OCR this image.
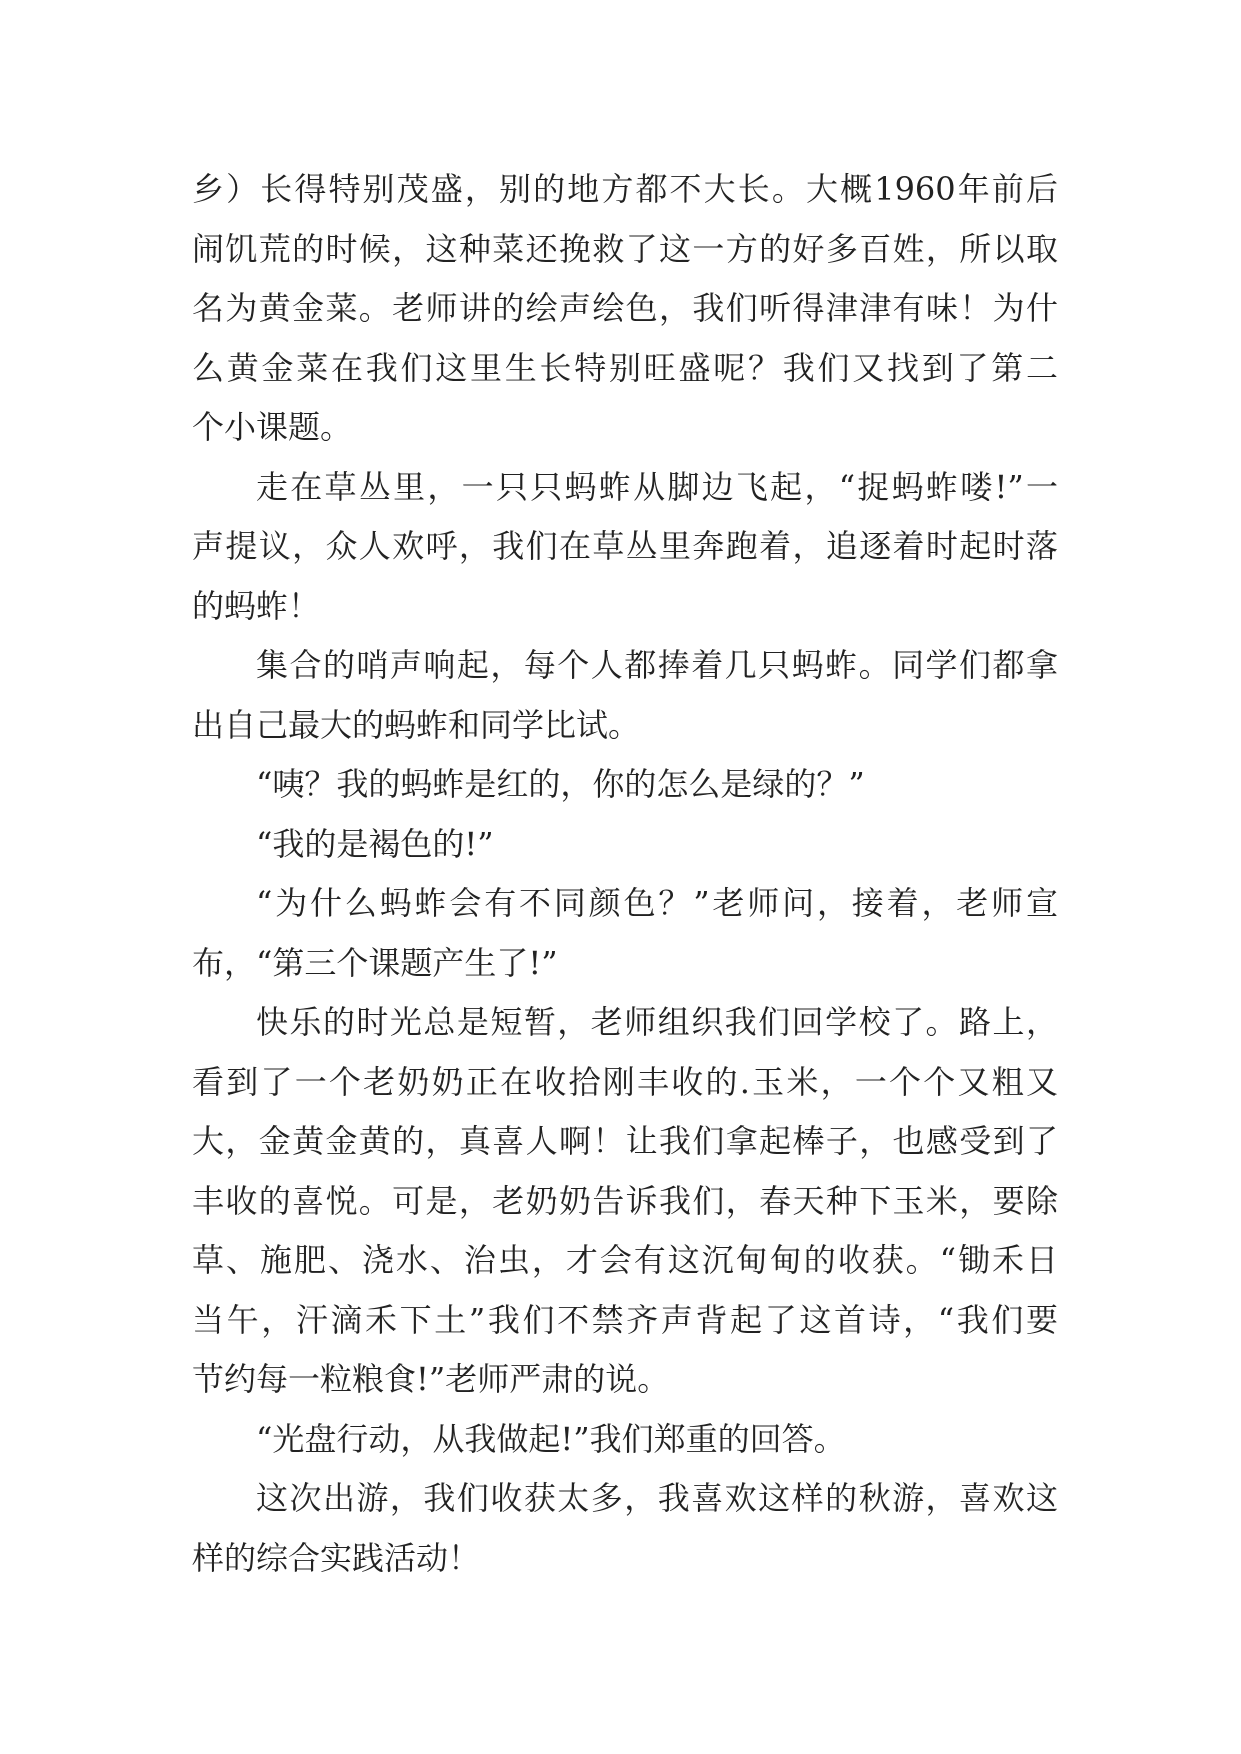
乡）长得特别茂盛，别的地方都不大长。大概1960年前后
闹饥荒的时候，这种菜还挽救了这一方的好多百姓，所以取
名为黄金菜。老师讲的绘声绘色，我们听得津津有味！为什
么黄金菜在我们这里生长特别旺盛呢？我们又找到了第二
个小课题。
走在草丛里，一只只蚂蚱从脚边飞起，“捉蚂蚱喽!”一
声提议，众人欢呼，我们在草丛里奔跑着，追逐着时起时落
的蚂蚱！
集合的哨声响起，每个人都捧着几只蚂蚱。同学们都拿
出自己最大的蚂蚱和同学比试。
“咦？我的蚂蚱是红的，你的怎么是绿的？”
“我的是褐色的!”
“为什么蚂蚱会有不同颜色？”老师问，接着，老师宣
布，“第三个课题产生了!”
快乐的时光总是短暂，老师组织我们回学校了。路上，
看到了一个老奶奶正在收拾刚丰收的.玉米，一个个又粗又
大，金黄金黄的，真喜人啊！让我们拿起棒子，也感受到了
丰收的喜悦。可是，老奶奶告诉我们，春天种下玉米，要除
草、施肥、浇水、治虫，才会有这沉甸甸的收获。“锄禾日
当午，汗滴禾下土”我们不禁齐声背起了这首诗，“我们要
节约每一粒粮食!”老师严肃的说。
“光盘行动，从我做起!”我们郑重的回答。
这次出游，我们收获太多，我喜欢这样的秋游，喜欢这
样的综合实践活动！
